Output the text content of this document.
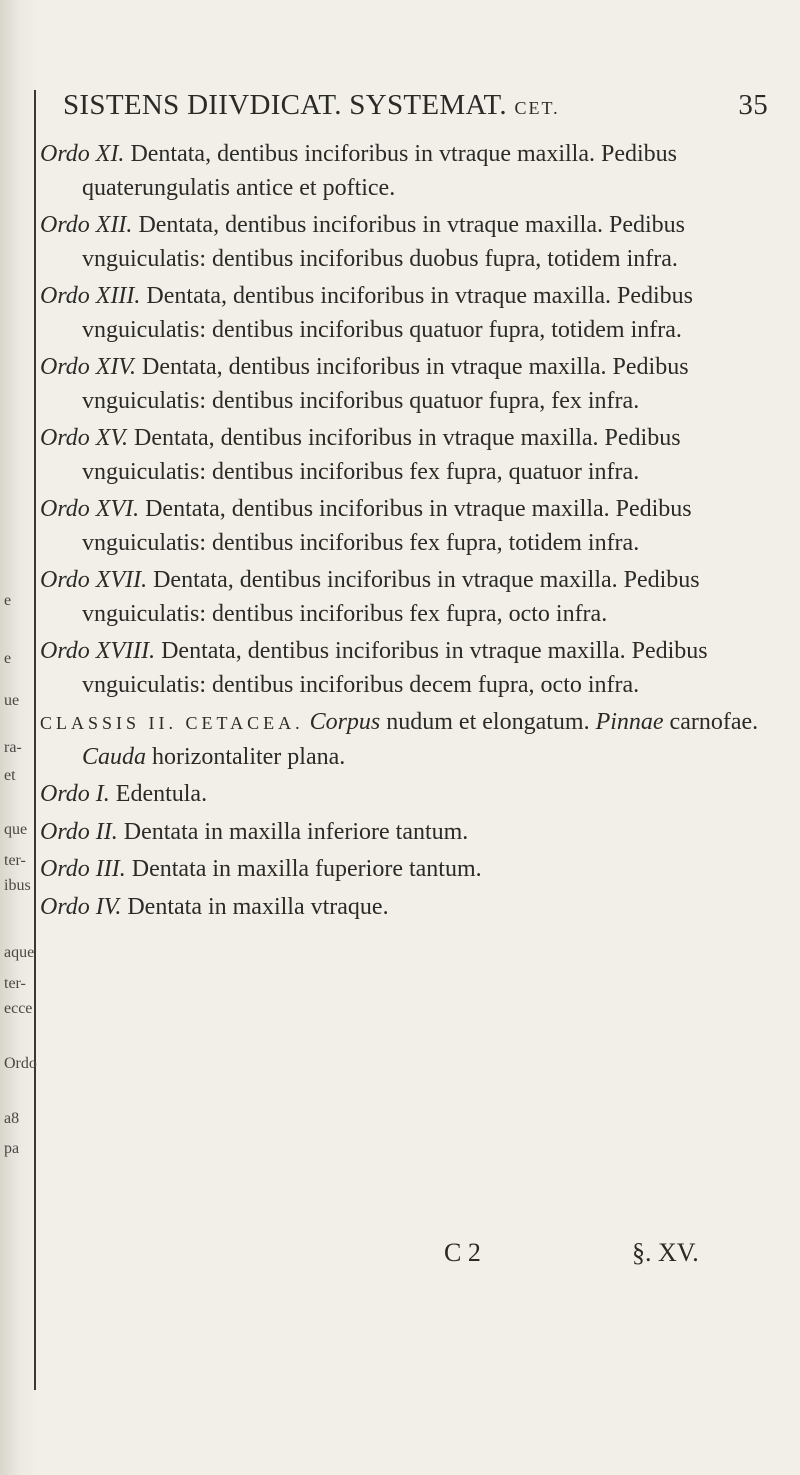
e
e
ue
ra-
et
que
ter-
ibus
aque
ter-
ecce
Ordo
a8
pa
SISTENS DIIVDICAT. SYSTEMAT. CET.	35

Ordo XI. Dentata, dentibus inciforibus in vtraque maxilla. Pedibus quaterungulatis antice et poftice.

Ordo XII. Dentata, dentibus inciforibus in vtraque maxilla. Pedibus vnguiculatis: dentibus inciforibus duobus fupra, totidem infra.

Ordo XIII. Dentata, dentibus inciforibus in vtraque maxilla. Pedibus vnguiculatis: dentibus inciforibus quatuor fupra, totidem infra.

Ordo XIV. Dentata, dentibus inciforibus in vtraque maxilla. Pedibus vnguiculatis: dentibus inciforibus quatuor fupra, fex infra.

Ordo XV. Dentata, dentibus inciforibus in vtraque maxilla. Pedibus vnguiculatis: dentibus inciforibus fex fupra, quatuor infra.

Ordo XVI. Dentata, dentibus inciforibus in vtraque maxilla. Pedibus vnguiculatis: dentibus inciforibus fex fupra, totidem infra.

Ordo XVII. Dentata, dentibus inciforibus in vtraque maxilla. Pedibus vnguiculatis: dentibus inciforibus fex fupra, octo infra.

Ordo XVIII. Dentata, dentibus inciforibus in vtraque maxilla. Pedibus vnguiculatis: dentibus inciforibus decem fupra, octo infra.

CLASSIS II. CETACEA. Corpus nudum et elongatum. Pinnae carnofae. Cauda horizontaliter plana.

Ordo I. Edentula.

Ordo II. Dentata in maxilla inferiore tantum.

Ordo III. Dentata in maxilla fuperiore tantum.

Ordo IV. Dentata in maxilla vtraque.

C 2	§. XV.
